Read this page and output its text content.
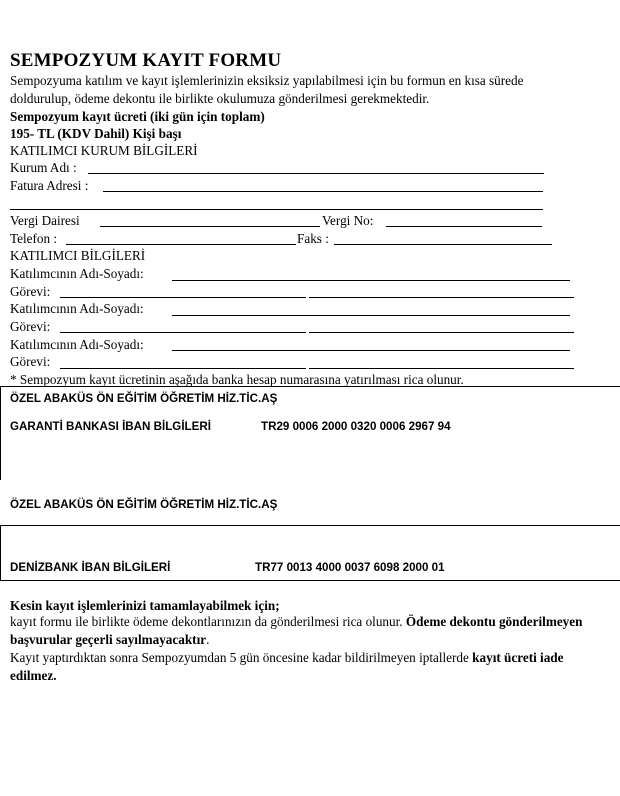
SEMPOZYUM KAYIT FORMU
Sempozyuma katılım ve kayıt işlemlerinizin eksiksiz yapılabilmesi için bu formun en kısa sürede
doldurulup, ödeme dekontu ile birlikte okulumuza gönderilmesi gerekmektedir.
Sempozyum kayıt ücreti (iki gün için toplam)
195- TL (KDV Dahil) Kişi başı
KATILIMCI KURUM BİLGİLERİ
Kurum Adı :
Fatura Adresi :
Vergi Dairesi	Vergi No:
Telefon :	Faks :
KATILIMCI BİLGİLERİ
Katılımcının Adı-Soyadı:
Görevi:
Katılımcının Adı-Soyadı:
Görevi:
Katılımcının Adı-Soyadı:
Görevi:
* Sempozyum kayıt ücretinin aşağıda banka hesap numarasına yatırılması rica olunur.
ÖZEL ABAKÜS ÖN EĞİTİM ÖĞRETİM HİZ.TİC.AŞ
GARANTİ BANKASI İBAN BİLGİLERİ	TR29 0006 2000 0320 0006 2967 94
ÖZEL ABAKÜS ÖN EĞİTİM ÖĞRETİM HİZ.TİC.AŞ
DENİZBANK İBAN BİLGİLERİ	TR77 0013 4000 0037 6098 2000 01
Kesin kayıt işlemlerinizi tamamlayabilmek için;
kayıt formu ile birlikte ödeme dekontlarınızın da gönderilmesi rica olunur. Ödeme dekontu gönderilmeyen başvurular geçerli sayılmayacaktır.
Kayıt yaptırdıktan sonra Sempozyumdan 5 gün öncesine kadar bildirilmeyen iptallerde kayıt ücreti iade edilmez.
